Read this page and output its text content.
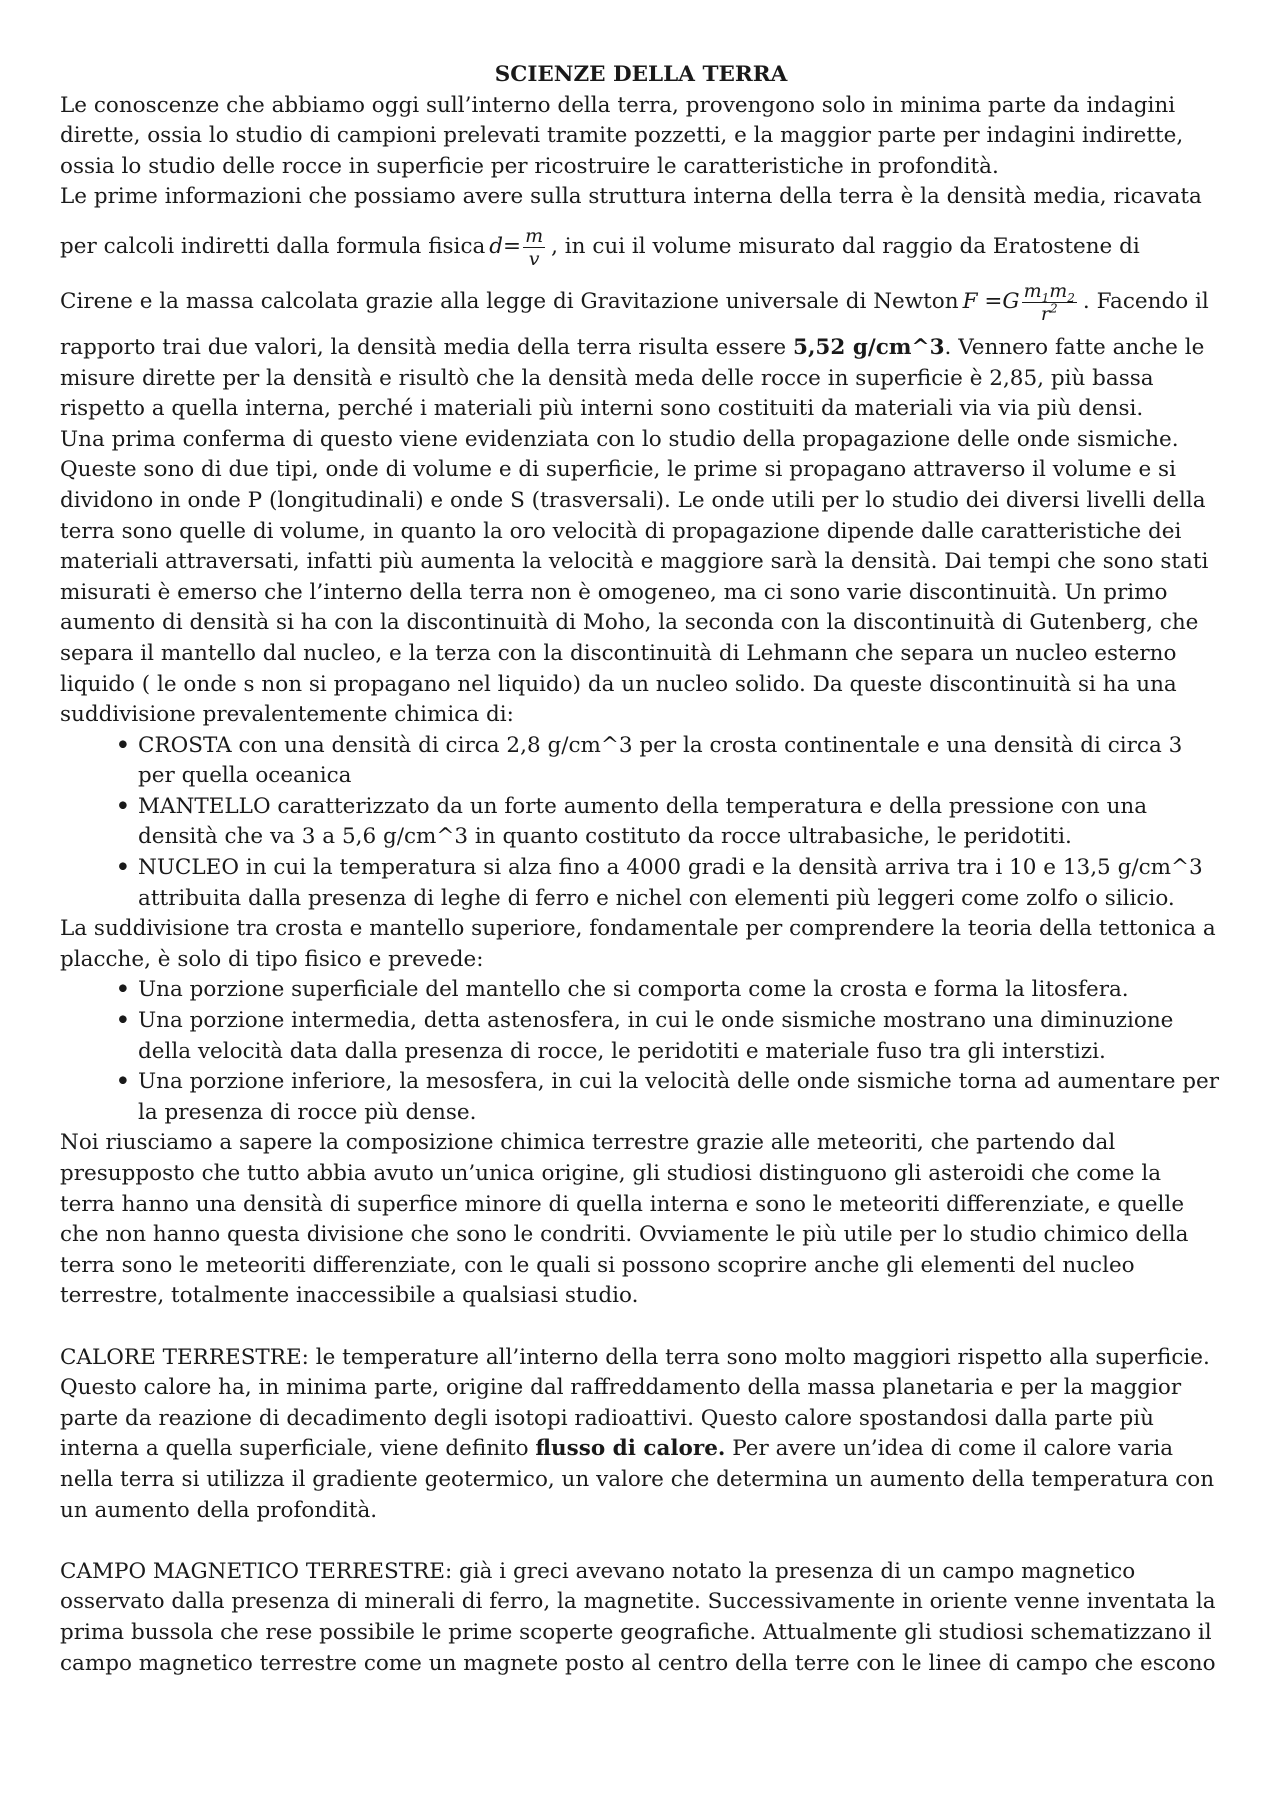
SCIENZE DELLA TERRA

Le conoscenze che abbiamo oggi sull’interno della terra, provengono solo in minima parte da indagini dirette, ossia lo studio di campioni prelevati tramite pozzetti, e la maggior parte per indagini indirette, ossia lo studio delle rocce in superficie per ricostruire le caratteristiche in profondità.

Le prime informazioni che possiamo avere sulla struttura interna della terra è la densità media, ricavata

per calcoli indiretti dalla formula fisica $d= \frac{m}{v}$ , in cui il volume misurato dal raggio da Eratostene di
Cirene e la massa calcolata grazie alla legge di Gravitazione universale di Newton $F =G \frac{m_1m_2}{r^2}$ . Facendo il

rapporto trai due valori, la densità media della terra risulta essere 5,52 g/cm^3. Vennero fatte anche le misure dirette per la densità e risultò che la densità meda delle rocce in superficie è 2,85, più bassa rispetto a quella interna, perché i materiali più interni sono costituiti da materiali via via più densi.

Una prima conferma di questo viene evidenziata con lo studio della propagazione delle onde sismiche. Queste sono di due tipi, onde di volume e di superficie, le prime si propagano attraverso il volume e si dividono in onde P (longitudinali) e onde S (trasversali). Le onde utili per lo studio dei diversi livelli della terra sono quelle di volume, in quanto la oro velocità di propagazione dipende dalle caratteristiche dei materiali attraversati, infatti più aumenta la velocità e maggiore sarà la densità. Dai tempi che sono stati misurati è emerso che l’interno della terra non è omogeneo, ma ci sono varie discontinuità. Un primo aumento di densità si ha con la discontinuità di Moho, la seconda con la discontinuità di Gutenberg, che separa il mantello dal nucleo, e la terza con la discontinuità di Lehmann che separa un nucleo esterno liquido ( le onde s non si propagano nel liquido) da un nucleo solido. Da queste discontinuità si ha una suddivisione prevalentemente chimica di:

• CROSTA con una densità di circa 2,8 g/cm^3 per la crosta continentale e una densità di circa 3 per quella oceanica
• MANTELLO caratterizzato da un forte aumento della temperatura e della pressione con una densità che va 3 a 5,6 g/cm^3 in quanto costituto da rocce ultrabasiche, le peridotiti.
• NUCLEO in cui la temperatura si alza fino a 4000 gradi e la densità arriva tra i 10 e 13,5 g/cm^3 attribuita dalla presenza di leghe di ferro e nichel con elementi più leggeri come zolfo o silicio.

La suddivisione tra crosta e mantello superiore, fondamentale per comprendere la teoria della tettonica a placche, è solo di tipo fisico e prevede:

• Una porzione superficiale del mantello che si comporta come la crosta e forma la litosfera.
• Una porzione intermedia, detta astenosfera, in cui le onde sismiche mostrano una diminuzione della velocità data dalla presenza di rocce, le peridotiti e materiale fuso tra gli interstizi.
• Una porzione inferiore, la mesosfera, in cui la velocità delle onde sismiche torna ad aumentare per la presenza di rocce più dense.

Noi riusciamo a sapere la composizione chimica terrestre grazie alle meteoriti, che partendo dal presupposto che tutto abbia avuto un’unica origine, gli studiosi distinguono gli asteroidi che come la terra hanno una densità di superfice minore di quella interna e sono le meteoriti differenziate, e quelle che non hanno questa divisione che sono le condriti. Ovviamente le più utile per lo studio chimico della terra sono le meteoriti differenziate, con le quali si possono scoprire anche gli elementi del nucleo terrestre, totalmente inaccessibile a qualsiasi studio.

CALORE TERRESTRE: le temperature all’interno della terra sono molto maggiori rispetto alla superficie. Questo calore ha, in minima parte, origine dal raffreddamento della massa planetaria e per la maggior parte da reazione di decadimento degli isotopi radioattivi. Questo calore spostandosi dalla parte più interna a quella superficiale, viene definito flusso di calore. Per avere un’idea di come il calore varia nella terra si utilizza il gradiente geotermico, un valore che determina un aumento della temperatura con un aumento della profondità.

CAMPO MAGNETICO TERRESTRE: già i greci avevano notato la presenza di un campo magnetico osservato dalla presenza di minerali di ferro, la magnetite. Successivamente in oriente venne inventata la prima bussola che rese possibile le prime scoperte geografiche. Attualmente gli studiosi schematizzano il campo magnetico terrestre come un magnete posto al centro della terre con le linee di campo che escono
